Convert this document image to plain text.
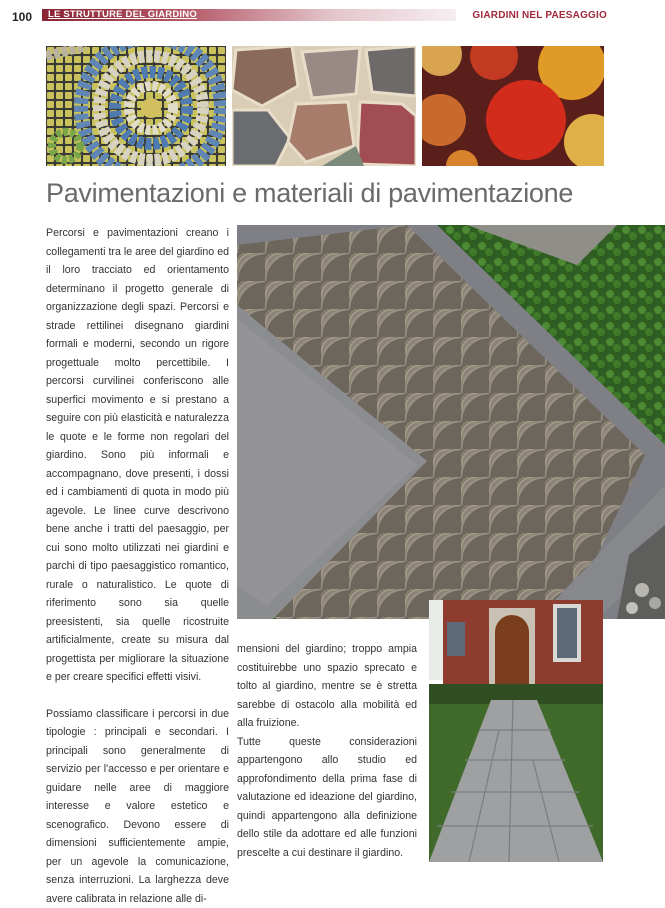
100 LE STRUTTURE DEL GIARDINO	GIARDINI NEL PAESAGGIO
Pavimentazioni e materiali di pavimentazione

Percorsi e pavimentazioni creano i collegamenti tra le aree del giardino ed il loro tracciato ed orientamento determinano il progetto generale di organizzazione degli spazi. Percorsi e strade rettilinei disegnano giardini formali e moderni, secondo un rigore progettuale molto percettibile. I percorsi curvilinei conferiscono alle superfici movimento e si prestano a seguire con più elasticità e naturalezza le quote e le forme non regolari del giardino. Sono più informali e accompagnano, dove presenti, i dossi ed i cambiamenti di quota in modo più agevole. Le linee curve descrivono bene anche i tratti del paesaggio, per cui sono molto utilizzati nei giardini e parchi di tipo paesaggistico romantico, rurale o naturalistico. Le quote di riferimento sono sia quelle preesistenti, sia quelle ricostruite artificialmente, create su misura dal progettista per migliorare la situazione e per creare specifici effetti visivi.

Possiamo classificare i percorsi in due tipologie : principali e secondari. I principali sono generalmente di servizio per l'accesso e per orientare e guidare nelle aree di maggiore interesse e valore estetico e scenografico. Devono essere di dimensioni sufficientemente ampie, per un agevole la comunicazione, senza interruzioni. La larghezza deve avere calibrata in relazione alle di-

mensioni del giardino; troppo ampia costituirebbe uno spazio sprecato e tolto al giardino, mentre se è stretta sarebbe di ostacolo alla mobilità ed alla fruizione.

Tutte queste considerazioni appartengono allo studio ed approfondimento della prima fase di valutazione ed ideazione del giardino, quindi appartengono alla definizione dello stile da adottare ed alle funzioni prescelte a cui destinare il giardino.
